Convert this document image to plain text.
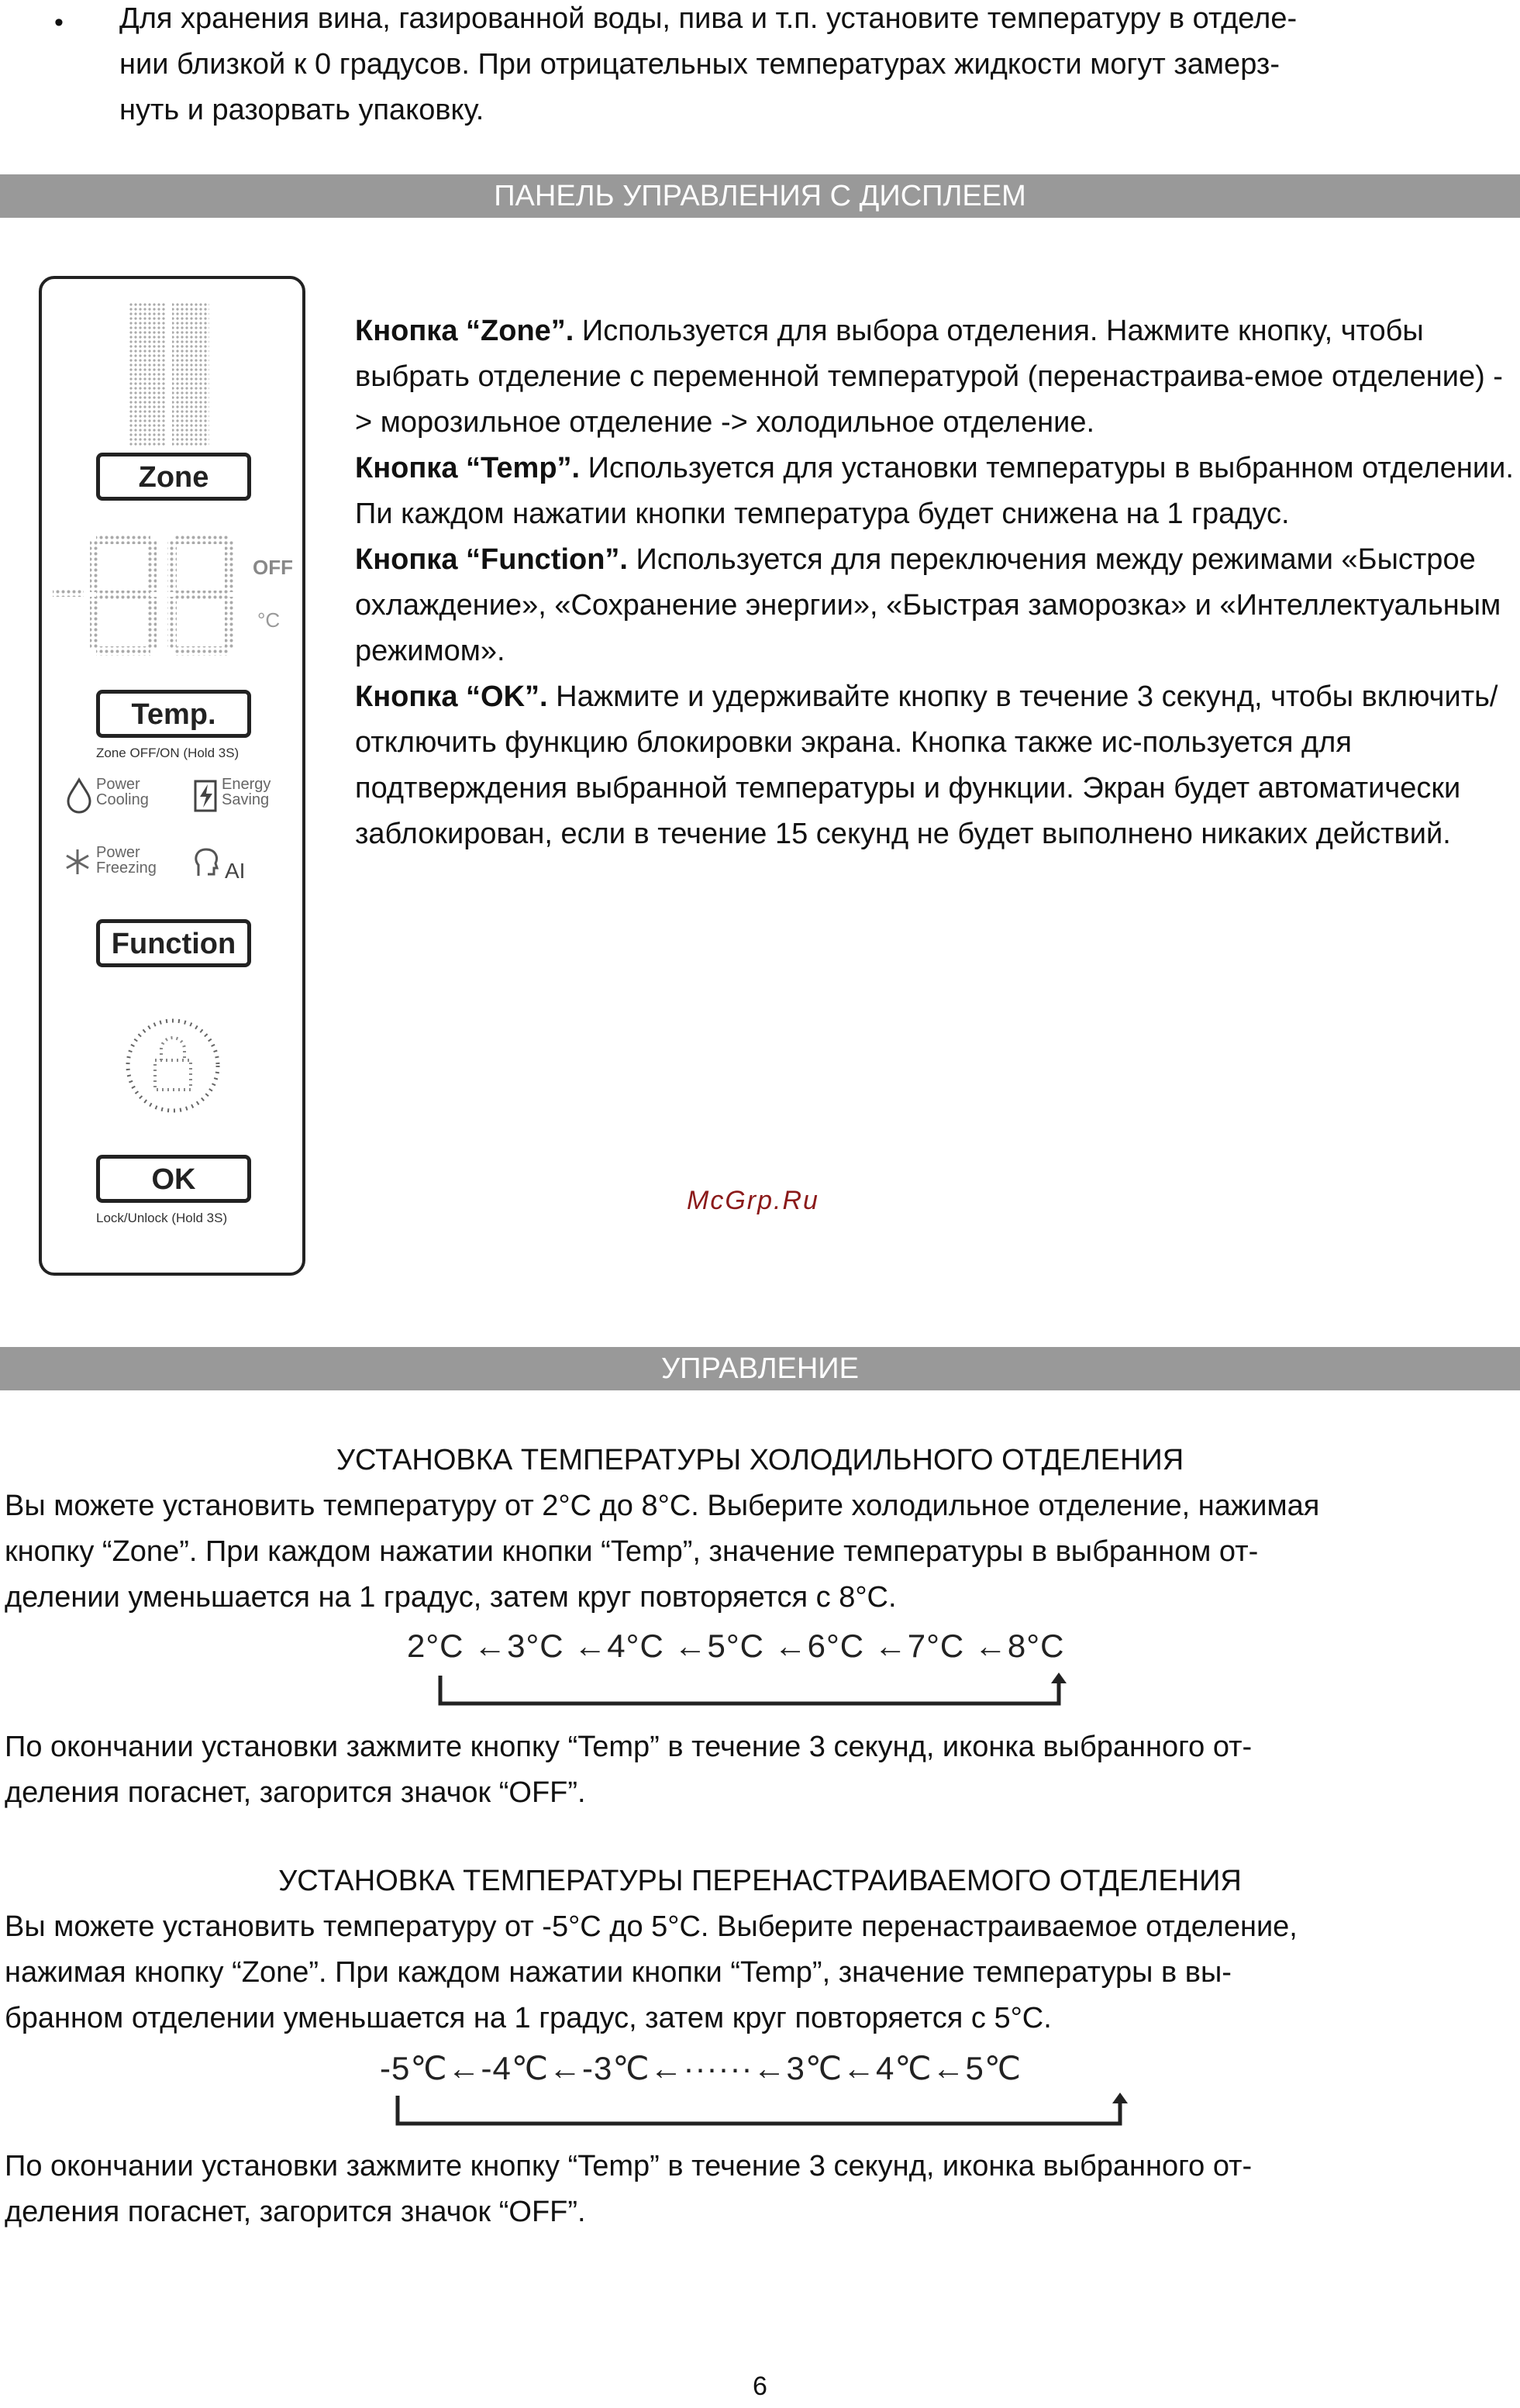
• Для хранения вина, газированной воды, пива и т.п. установите температуру в отделе-
нии близкой к 0 градусов. При отрицательных температурах жидкости могут замерз-
нуть и разорвать упаковку.
ПАНЕЛЬ УПРАВЛЕНИЯ С ДИСПЛЕЕМ
Zone
OFF
°C
Temp.
Zone OFF/ON (Hold 3S)
Power
Cooling
Energy
Saving
Power
Freezing	AI
Function
OK
Lock/Unlock (Hold 3S)
Кнопка “Zone”. Используется для выбора отделения. Нажмите кнопку, чтобы выбрать отделение с переменной температурой (перенастраива-емое отделение) -> морозильное отделение -> холодильное отделение.
Кнопка “Temp”. Используется для установки температуры в выбранном отделении. Пи каждом нажатии кнопки температура будет снижена на 1 градус.
Кнопка “Function”. Используется для переключения между режимами «Быстрое охлаждение», «Сохранение энергии», «Быстрая заморозка» и «Интеллектуальным режимом».
Кнопка “OK”. Нажмите и удерживайте кнопку в течение 3 секунд, чтобы включить/отключить функцию блокировки экрана. Кнопка также ис-пользуется для подтверждения выбранной температуры и функции. Экран будет автоматически заблокирован, если в течение 15 секунд не будет выполнено никаких действий.
McGrp.Ru
УПРАВЛЕНИЕ
УСТАНОВКА ТЕМПЕРАТУРЫ ХОЛОДИЛЬНОГО ОТДЕЛЕНИЯ
Вы можете установить температуру от 2°C до 8°C. Выберите холодильное отделение, нажимая
кнопку “Zone”. При каждом нажатии кнопки “Temp”, значение температуры в выбранном от-
делении уменьшается на 1 градус, затем круг повторяется с 8°C.
2°C ←3°C ←4°C ←5°C ←6°C ←7°C ←8°C
По окончании установки зажмите кнопку “Temp” в течение 3 секунд, иконка выбранного от-
деления погаснет, загорится значок “OFF”.
УСТАНОВКА ТЕМПЕРАТУРЫ ПЕРЕНАСТРАИВАЕМОГО ОТДЕЛЕНИЯ
Вы можете установить температуру от -5°C до 5°C. Выберите перенастраиваемое отделение,
нажимая кнопку “Zone”. При каждом нажатии кнопки “Temp”, значение температуры в вы-
бранном отделении уменьшается на 1 градус, затем круг повторяется с 5°C.
-5℃←-4℃←-3℃←······←3℃←4℃←5℃
По окончании установки зажмите кнопку “Temp” в течение 3 секунд, иконка выбранного от-
деления погаснет, загорится значок “OFF”.
6
